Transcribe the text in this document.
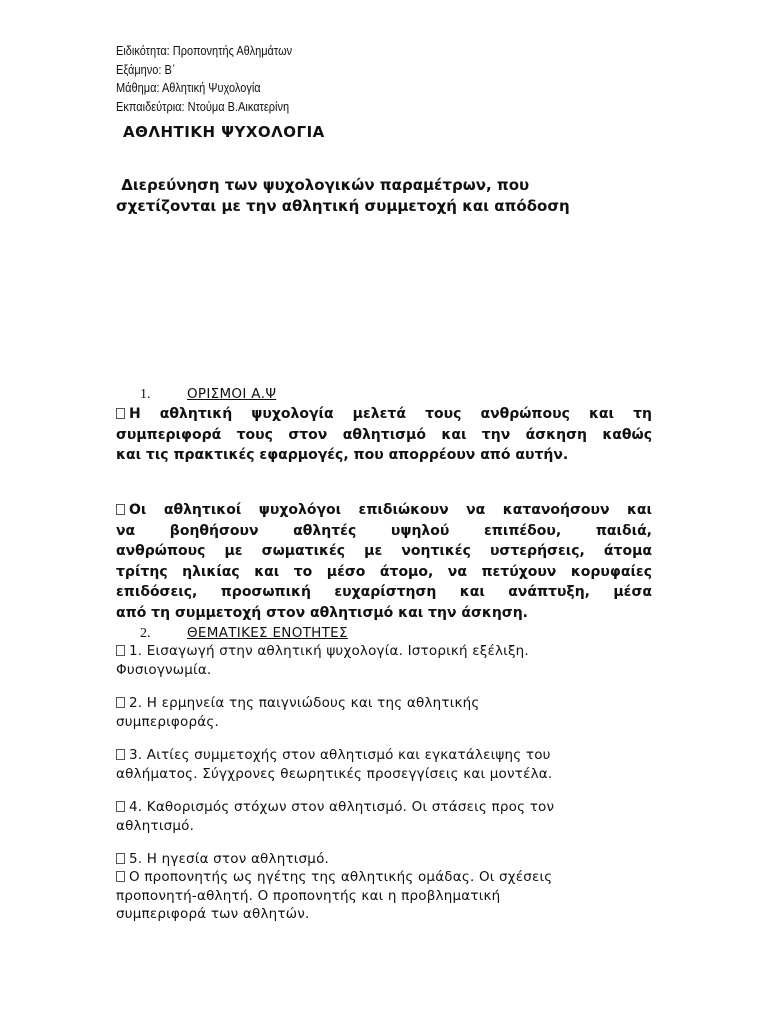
Ειδικότητα: Προπονητής Αθλημάτων
Εξάμηνο: Β΄
Μάθημα: Αθλητική Ψυχολογία
Εκπαιδεύτρια: Ντούμα Β.Αικατερίνη
ΑΘΛΗΤΙΚΗ ΨΥΧΟΛΟΓΙΑ
Διερεύνηση των ψυχολογικών παραμέτρων, που
σχετίζονται με την αθλητική συμμετοχή και απόδοση
1.	ΟΡΙΣΜΟΙ Α.Ψ
Η αθλητική ψυχολογία μελετά τους ανθρώπους και τη
συμπεριφορά τους στον αθλητισμό και την άσκηση καθώς
και τις πρακτικές εφαρμογές, που απορρέουν από αυτήν.
Οι αθλητικοί ψυχολόγοι επιδιώκουν να κατανοήσουν και
να βοηθήσουν αθλητές υψηλού επιπέδου, παιδιά,
ανθρώπους με σωματικές με νοητικές υστερήσεις, άτομα
τρίτης ηλικίας και το μέσο άτομο, να πετύχουν κορυφαίες
επιδόσεις, προσωπική ευχαρίστηση και ανάπτυξη, μέσα
από τη συμμετοχή στον αθλητισμό και την άσκηση.
2.	ΘΕΜΑΤΙΚΕΣ ΕΝΟΤΗΤΕΣ
1. Εισαγωγή στην αθλητική ψυχολογία. Ιστορική εξέλιξη.
Φυσιογνωμία.
2. Η ερμηνεία της παιγνιώδους και της αθλητικής
συμπεριφοράς.
3. Αιτίες συμμετοχής στον αθλητισμό και εγκατάλειψης του
αθλήματος. Σύγχρονες θεωρητικές προσεγγίσεις και μοντέλα.
4. Καθορισμός στόχων στον αθλητισμό. Οι στάσεις προς τον
αθλητισμό.
5. Η ηγεσία στον αθλητισμό.
Ο προπονητής ως ηγέτης της αθλητικής ομάδας. Οι σχέσεις
προπονητή-αθλητή. Ο προπονητής και η προβληματική
συμπεριφορά των αθλητών.
